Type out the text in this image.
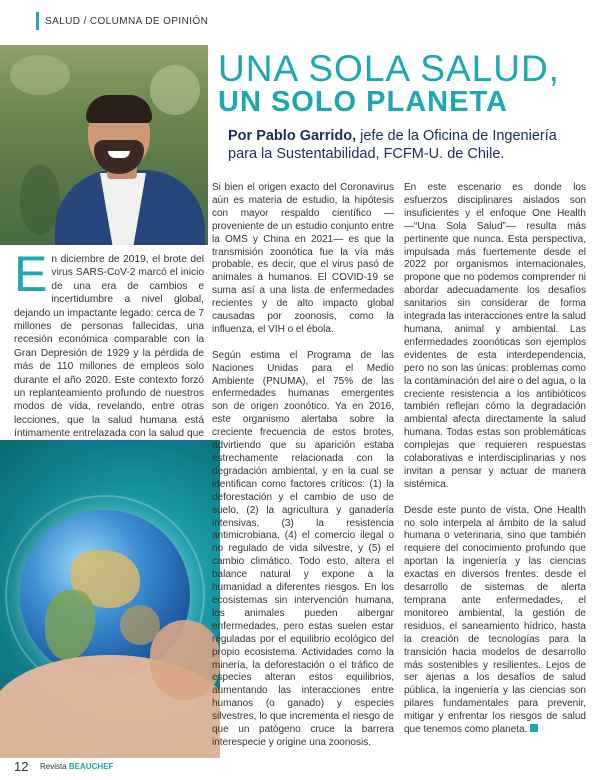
SALUD / COLUMNA DE OPINIÓN
UNA SOLA SALUD,
UN SOLO PLANETA
Por Pablo Garrido, jefe de la Oficina de Ingeniería para la Sustentabilidad, FCFM-U. de Chile.
En diciembre de 2019, el brote del virus SARS-CoV-2 marcó el inicio de una era de cambios e incertidumbre a nivel global, dejando un impactante legado: cerca de 7 millones de personas fallecidas, una recesión económica comparable con la Gran Depresión de 1929 y la pérdida de más de 110 millones de empleos solo durante el año 2020. Este contexto forzó un replanteamiento profundo de nuestros modos de vida, revelando, entre otras lecciones, que la salud humana está íntimamente entrelazada con la salud que

Si bien el origen exacto del Coronavirus aún es materia de estudio, la hipótesis con mayor respaldo científico —proveniente de un estudio conjunto entre la OMS y China en 2021— es que la transmisión zoonótica fue la vía más probable, es decir, que el virus pasó de animales a humanos. El COVID-19 se suma así a una lista de enfermedades recientes y de alto impacto global causadas por zoonosis, como la influenza, el VIH o el ébola.

Según estima el Programa de las Naciones Unidas para el Medio Ambiente (PNUMA), el 75% de las enfermedades humanas emergentes son de origen zoonótico. Ya en 2016, este organismo alertaba sobre la creciente frecuencia de estos brotes, advirtiendo que su aparición estaba estrechamente relacionada con la degradación ambiental, y en la cual se identifican como factores críticos: (1) la deforestación y el cambio de uso de suelo, (2) la agricultura y ganadería intensivas, (3) la resistencia antimicrobiana, (4) el comercio ilegal o no regulado de vida silvestre, y (5) el cambio climático. Todo esto, altera el balance natural y expone a la humanidad a diferentes riesgos. En los ecosistemas sin intervención humana, los animales pueden albergar enfermedades, pero estas suelen estar reguladas por el equilibrio ecológico del propio ecosistema. Actividades como la minería, la deforestación o el tráfico de especies alteran estos equilibrios, aumentando las interacciones entre humanos (o ganado) y especies silvestres, lo que incrementa el riesgo de que un patógeno cruce la barrera interespecie y origine una zoonosis.

En este escenario es donde los esfuerzos disciplinares aislados son insuficientes y el enfoque One Health —“Una Sola Salud”— resulta más pertinente que nunca. Esta perspectiva, impulsada más fuertemente desde el 2022 por organismos internacionales, propone que no podemos comprender ni abordar adecuadamente los desafíos sanitarios sin considerar de forma integrada las interacciones entre la salud humana, animal y ambiental. Las enfermedades zoonóticas son ejemplos evidentes de esta interdependencia, pero no son las únicas: problemas como la contaminación del aire o del agua, o la creciente resistencia a los antibióticos también reflejan cómo la degradación ambiental afecta directamente la salud humana. Todas estas son problemáticas complejas que requieren respuestas colaborativas e interdisciplinarias y nos invitan a pensar y actuar de manera sistémica.

Desde este punto de vista, One Health no solo interpela al ámbito de la salud humana o veterinaria, sino que también requiere del conocimiento profundo que aportan la ingeniería y las ciencias exactas en diversos frentes: desde el desarrollo de sistemas de alerta temprana ante enfermedades, el monitoreo ambiental, la gestión de residuos, el saneamiento hídrico, hasta la creación de tecnologías para la transición hacia modelos de desarrollo más sostenibles y resilientes. Lejos de ser ajenas a los desafíos de salud pública, la ingeniería y las ciencias son pilares fundamentales para prevenir, mitigar y enfrentar los riesgos de salud que tenemos como planeta.

12 Revista BEAUCHEF
